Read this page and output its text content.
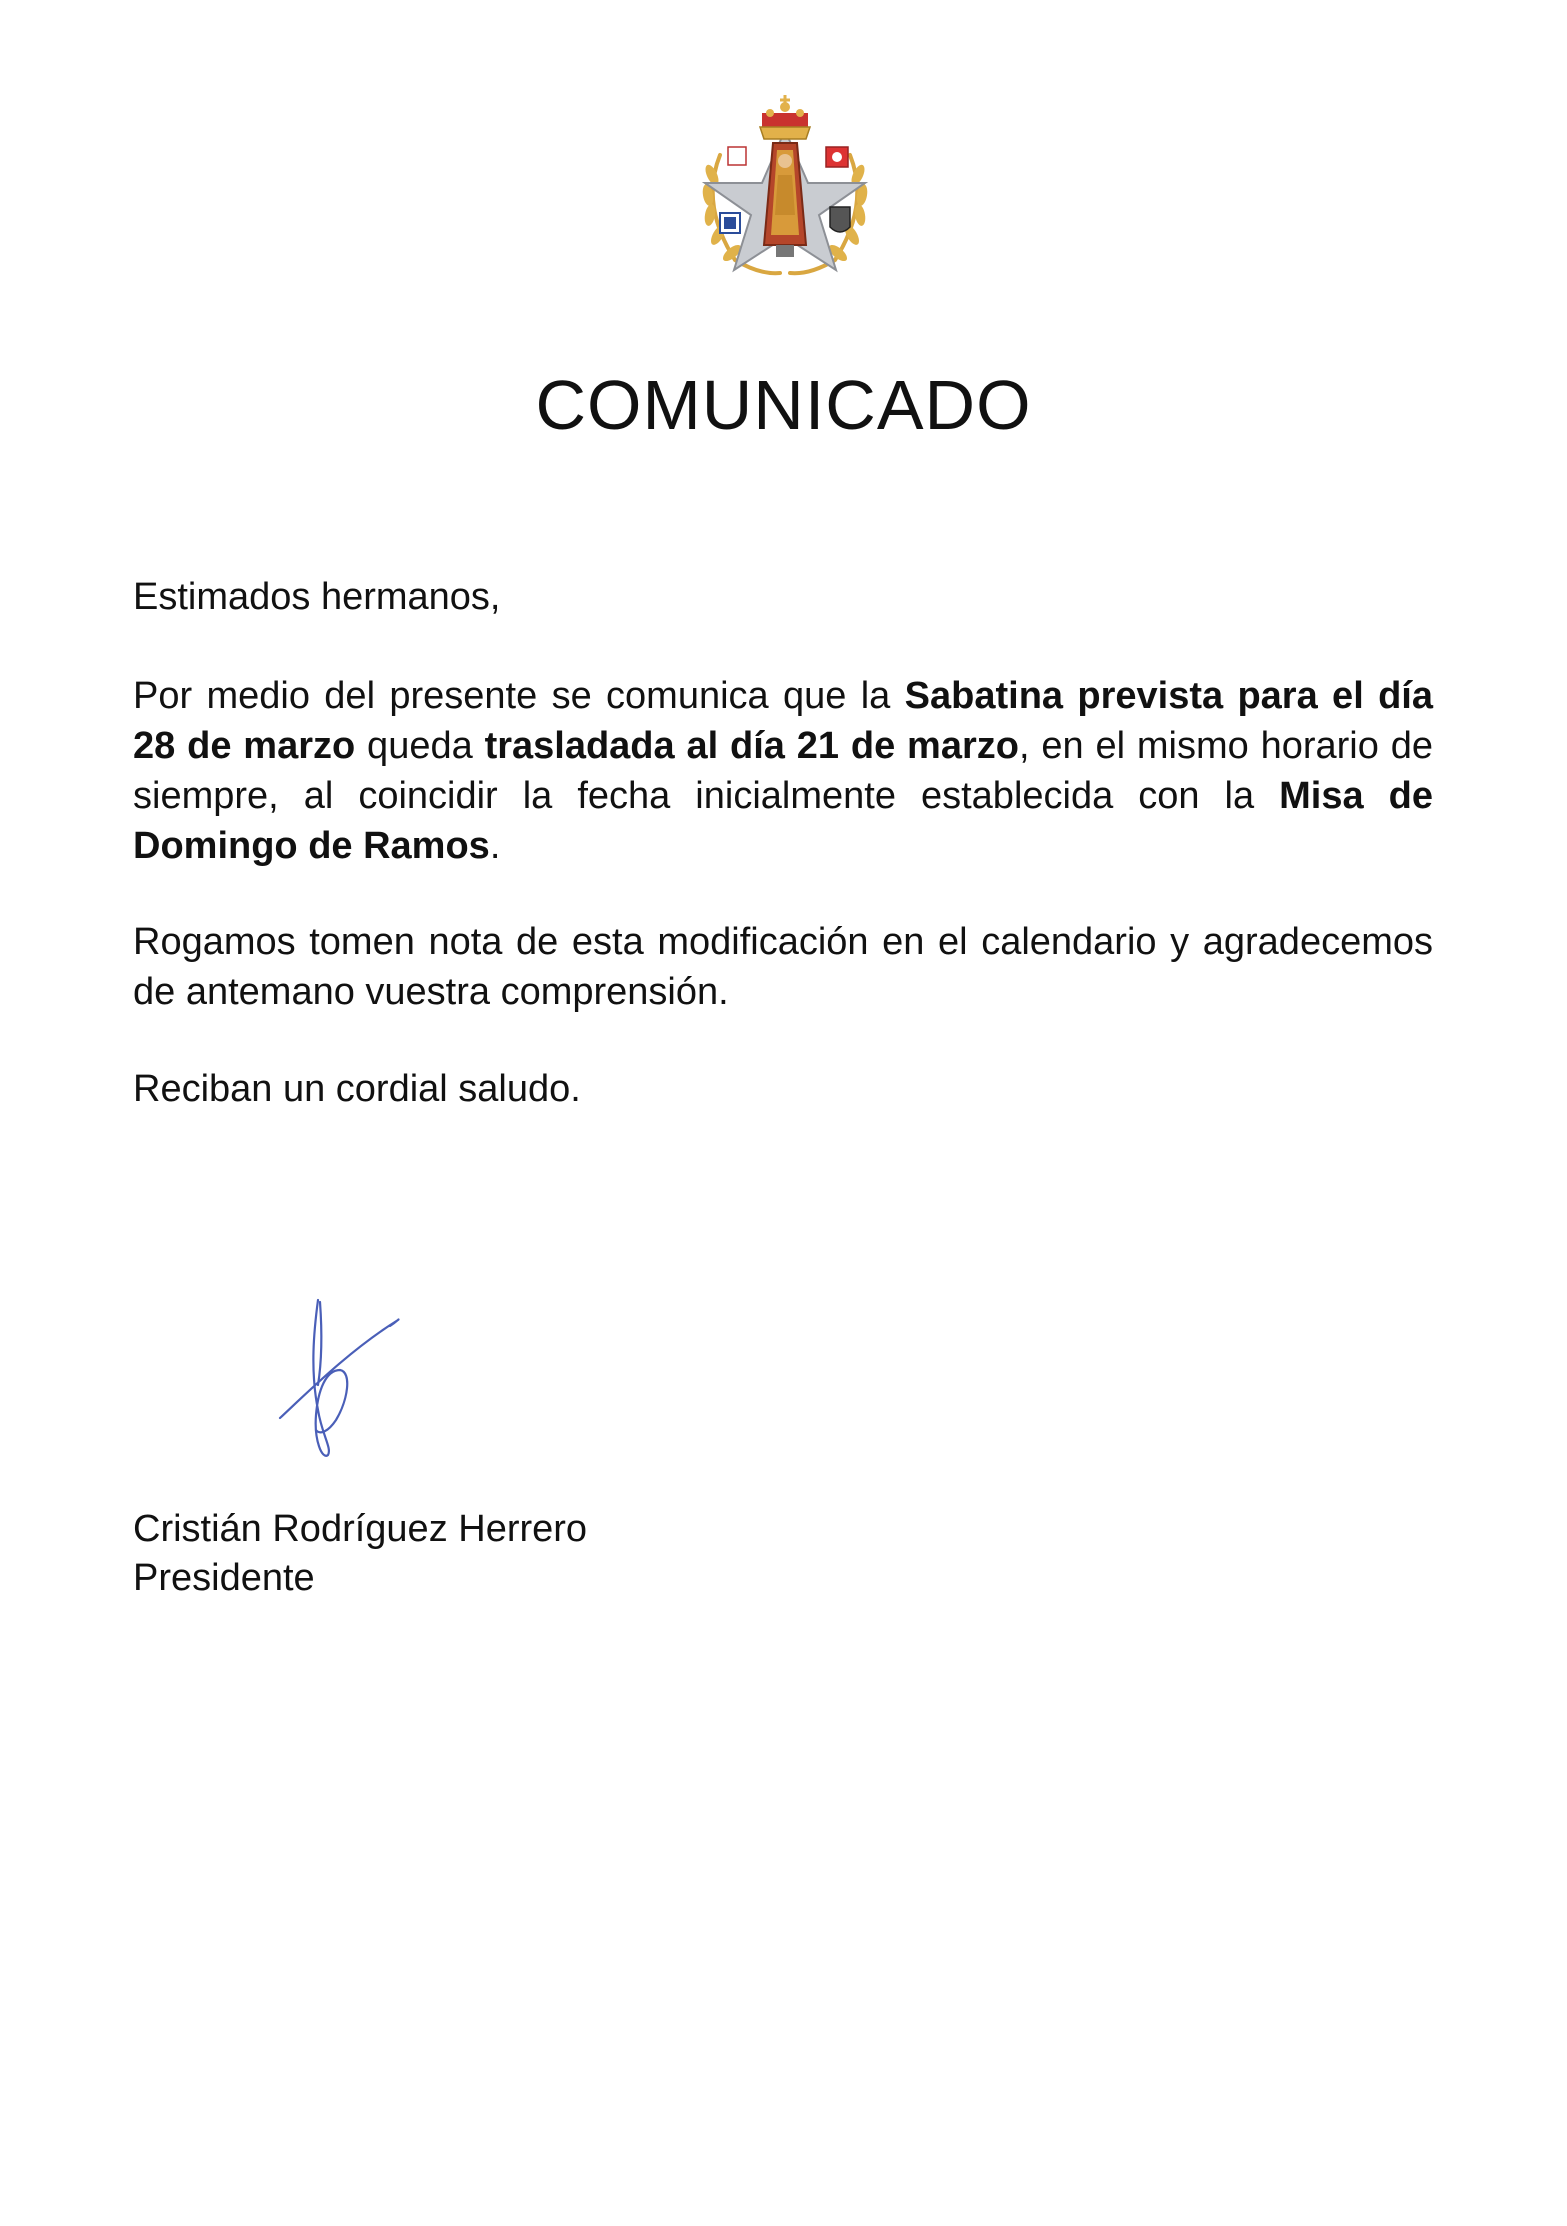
COMUNICADO
Estimados hermanos,
Por medio del presente se comunica que la Sabatina prevista para el día 28 de marzo queda trasladada al día 21 de marzo, en el mismo horario de siempre, al coincidir la fecha inicialmente establecida con la Misa de Domingo de Ramos.
Rogamos tomen nota de esta modificación en el calendario y agradecemos de antemano vuestra comprensión.
Reciban un cordial saludo.
Cristián Rodríguez Herrero
Presidente
